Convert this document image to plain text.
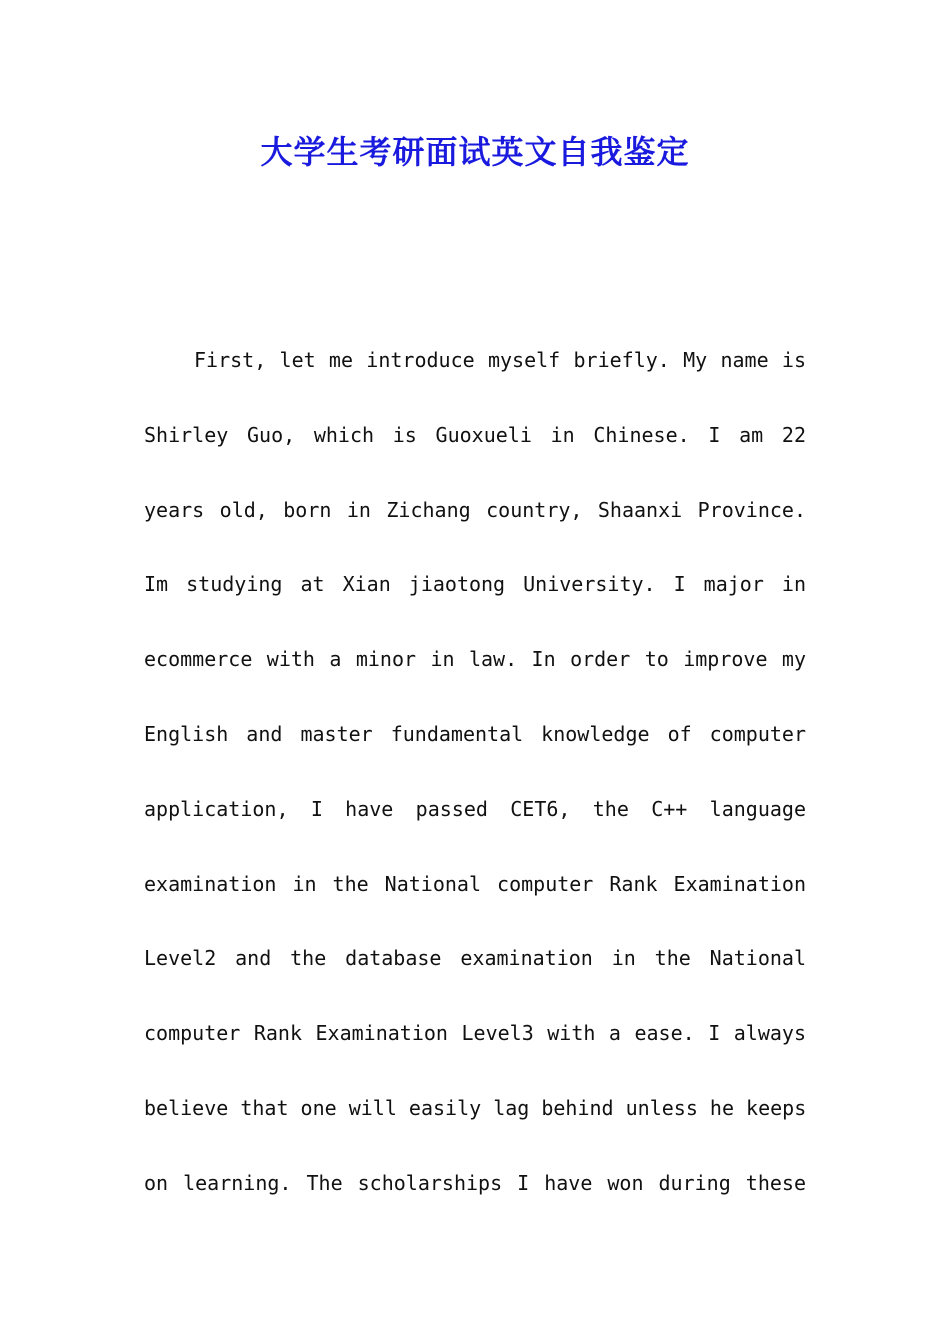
大学生考研面试英文自我鉴定
First, let me introduce myself briefly. My name is
Shirley Guo, which is Guoxueli in Chinese. I am 22
years old, born in Zichang country, Shaanxi Province.
Im studying at Xian jiaotong University. I major in
ecommerce with a minor in law. In order to improve my
English and master fundamental knowledge of computer
application, I have passed CET6, the C++ language
examination in the National computer Rank Examination
Level2 and the database examination in the National
computer Rank Examination Level3 with a ease. I always
believe that one will easily lag behind unless he keeps
on learning. The scholarships I have won during these
